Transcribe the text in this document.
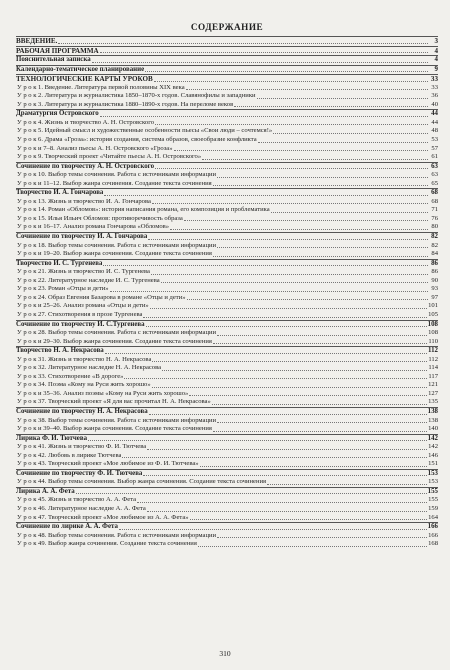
СОДЕРЖАНИЕ
ВВЕДЕНИЕ.	3
РАБОЧАЯ ПРОГРАММА	4
Пояснительная записка	4
Календарно-тематическое планирование	9
ТЕХНОЛОГИЧЕСКИЕ КАРТЫ УРОКОВ	33
У р о к 1. Введение. Литература первой половины XIX века	33
У р о к 2. Литература и журналистика 1850–1870-х годов. Славянофилы и западники	36
У р о к 3. Литература и журналистика 1880–1890-х годов. На переломе веков	40
Драматургия Островского	44
У р о к 4. Жизнь и творчество А. Н. Островского	44
У р о к 5. Идейный смысл и художественные особенности пьесы «Свои люди – сочтемся!»	48
У р о к 6. Драма «Гроза»: история создания, система образов, своеобразие конфликта	53
У р о к и 7–8. Анализ пьесы А. Н. Островского «Гроза»	57
У р о к 9. Творческий проект «Читайте пьесы А. Н. Островского»	61
Сочинение по творчеству А. Н. Островского	63
У р о к 10. Выбор темы сочинения. Работа с источниками информации	63
У р о к и 11–12. Выбор жанра сочинения. Создание текста сочинения	65
Творчество И. А. Гончарова	68
У р о к 13. Жизнь и творчество И. А. Гончарова	68
У р о к 14. Роман «Обломов»: история написания романа, его композиция и проблематика	71
У р о к 15. Илья Ильич Обломов: противоречивость образа	76
У р о к и 16–17. Анализ романа Гончарова «Обломов»	80
Сочинение по творчеству И. А. Гончарова	82
У р о к 18. Выбор темы сочинения. Работа с источниками информации	82
У р о к и 19–20. Выбор жанра сочинения. Создание текста сочинения	84
Творчество И. С. Тургенева	86
У р о к 21. Жизнь и творчество И. С. Тургенева	86
У р о к 22. Литературное наследие И. С. Тургенева	90
У р о к 23. Роман «Отцы и дети»	93
У р о к 24. Образ Евгения Базарова в романе «Отцы и дети»	97
У р о к и 25–26. Анализ романа «Отцы и дети»	101
У р о к 27. Стихотворения в прозе Тургенева	105
Сочинение по творчеству И. С.Тургенева	108
У р о к 28. Выбор темы сочинения. Работа с источниками информации	108
У р о к и 29–30. Выбор жанра сочинения. Создание текста сочинения	110
Творчество Н. А. Некрасова	112
У р о к 31. Жизнь и творчество Н. А. Некрасова	112
У р о к 32. Литературное наследие Н. А. Некрасова	114
У р о к 33. Стихотворение «В дороге»	117
У р о к 34. Поэма «Кому на Руси жить хорошо»	121
У р о к и 35–36. Анализ поэмы «Кому на Руси жить хорошо»	127
У р о к 37. Творческий проект «Я для вас прочитал Н. А. Некрасова»	135
Сочинение по творчеству Н. А. Некрасова	138
У р о к 38. Выбор темы сочинения. Работа с источниками информации	138
У р о к и 39–40. Выбор жанра сочинения. Создание текста сочинения	140
Лирика Ф. И. Тютчева	142
У р о к 41. Жизнь и творчество Ф. И. Тютчева	142
У р о к 42. Любовь в лирике Тютчева	146
У р о к 43. Творческий проект «Мое любимое из Ф. И. Тютчева»	151
Сочинение по творчеству Ф. И. Тютчева	153
У р о к 44. Выбор темы сочинения. Выбор жанра сочинения. Создание текста сочинения	153
Лирика А. А. Фета	155
У р о к 45. Жизнь и творчество А. А. Фета	155
У р о к 46. Литературное наследие А. А. Фета	159
У р о к 47. Творческий проект «Мое любимое из А. А. Фета»	164
Сочинение по лирике А. А. Фета	166
У р о к 48. Выбор темы сочинения. Работа с источниками информации	166
У р о к 49. Выбор жанра сочинения. Создание текста сочинения	168
310
